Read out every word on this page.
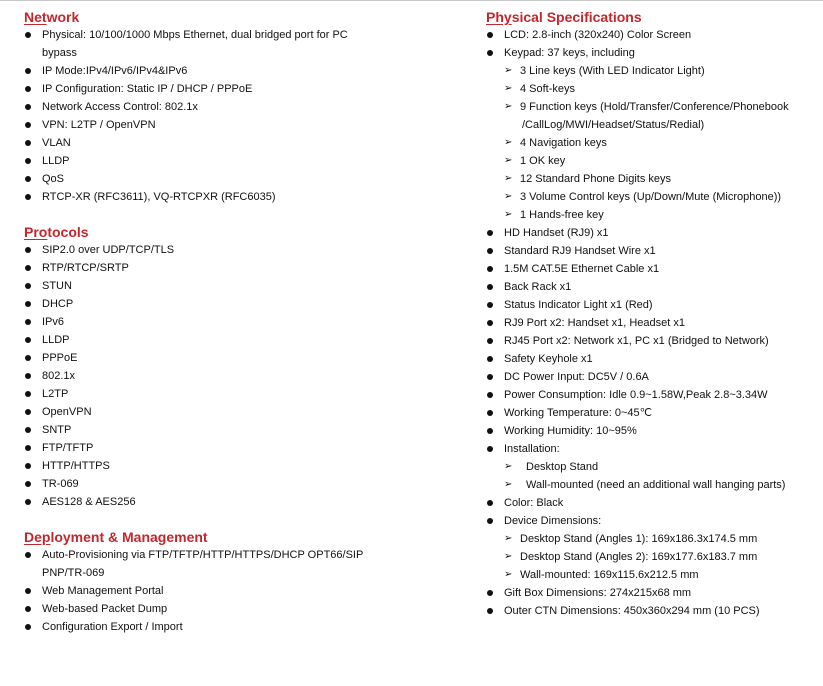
Network
Physical: 10/100/1000 Mbps Ethernet, dual bridged port for PC
bypass
IP Mode:IPv4/IPv6/IPv4&IPv6
IP Configuration: Static IP / DHCP / PPPoE
Network Access Control: 802.1x
VPN: L2TP / OpenVPN
VLAN
LLDP
QoS
RTCP-XR (RFC3611), VQ-RTCPXR (RFC6035)
Protocols
SIP2.0 over UDP/TCP/TLS
RTP/RTCP/SRTP
STUN
DHCP
IPv6
LLDP
PPPoE
802.1x
L2TP
OpenVPN
SNTP
FTP/TFTP
HTTP/HTTPS
TR-069
AES128 & AES256
Deployment & Management
Auto-Provisioning via FTP/TFTP/HTTP/HTTPS/DHCP OPT66/SIP
PNP/TR-069
Web Management Portal
Web-based Packet Dump
Configuration Export / Import
Physical Specifications
LCD: 2.8-inch (320x240) Color Screen
Keypad: 37 keys, including
➢ 3 Line keys (With LED Indicator Light)
➢ 4 Soft-keys
➢ 9 Function keys (Hold/Transfer/Conference/Phonebook
/CallLog/MWI/Headset/Status/Redial)
➢ 4 Navigation keys
➢ 1 OK key
➢ 12 Standard Phone Digits keys
➢ 3 Volume Control keys (Up/Down/Mute (Microphone))
➢ 1 Hands-free key
HD Handset (RJ9) x1
Standard RJ9 Handset Wire x1
1.5M CAT.5E Ethernet Cable x1
Back Rack x1
Status Indicator Light x1 (Red)
RJ9 Port x2: Handset x1, Headset x1
RJ45 Port x2: Network x1, PC x1 (Bridged to Network)
Safety Keyhole x1
DC Power Input: DC5V / 0.6A
Power Consumption: Idle 0.9~1.58W,Peak 2.8~3.34W
Working Temperature: 0~45℃
Working Humidity: 10~95%
Installation:
➢ Desktop Stand
➢ Wall-mounted (need an additional wall hanging parts)
Color: Black
Device Dimensions:
➢ Desktop Stand (Angles 1): 169x186.3x174.5 mm
➢ Desktop Stand (Angles 2): 169x177.6x183.7 mm
➢ Wall-mounted: 169x115.6x212.5 mm
Gift Box Dimensions: 274x215x68 mm
Outer CTN Dimensions: 450x360x294 mm (10 PCS)
